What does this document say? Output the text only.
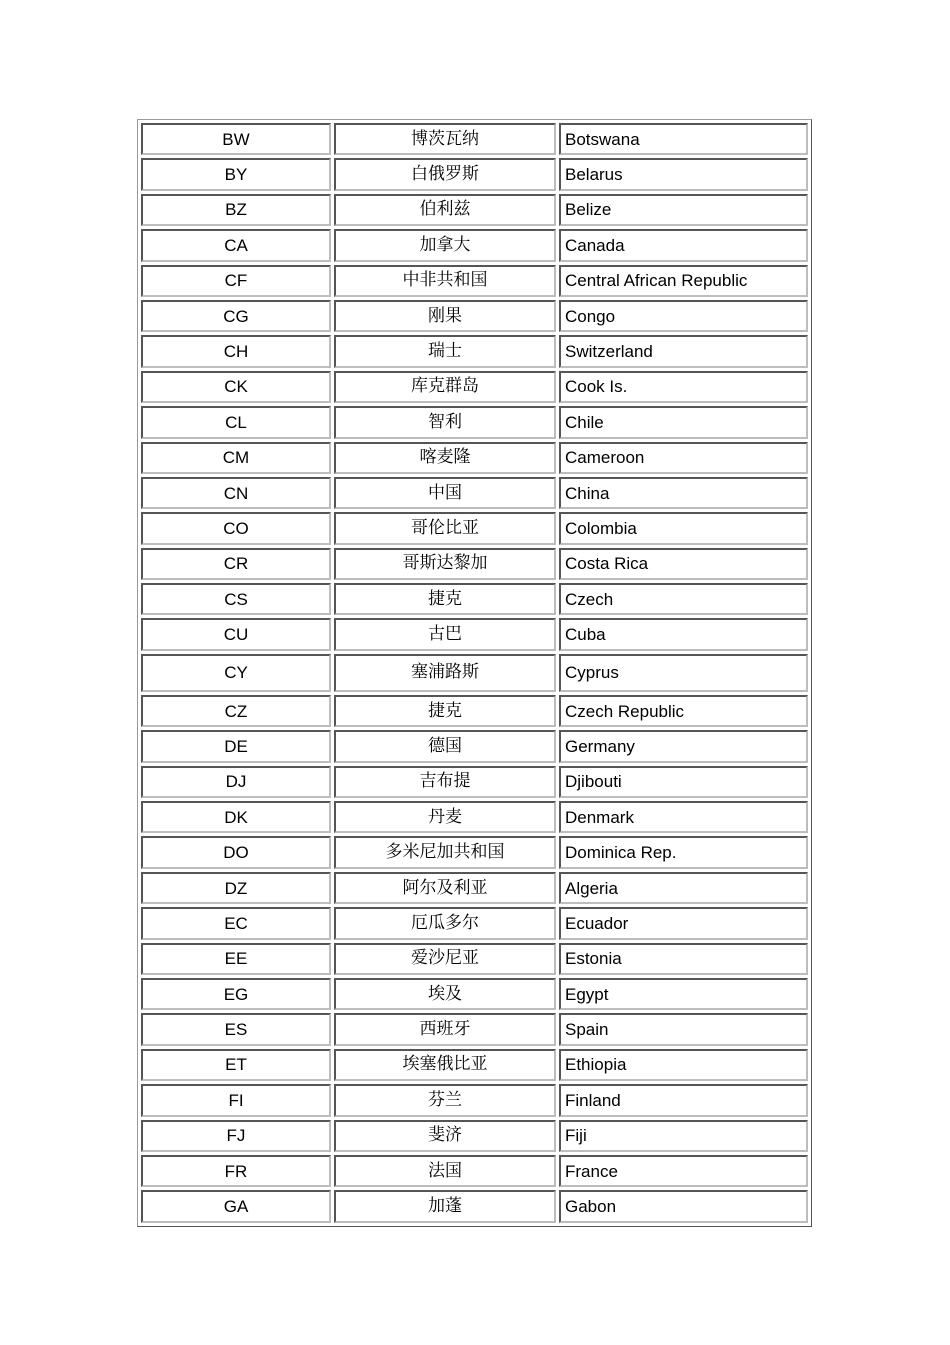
BW	博茨瓦纳	Botswana
BY	白俄罗斯	Belarus
BZ	伯利兹	Belize
CA	加拿大	Canada
CF	中非共和国	Central African Republic
CG	刚果	Congo
CH	瑞士	Switzerland
CK	库克群岛	Cook Is.
CL	智利	Chile
CM	喀麦隆	Cameroon
CN	中国	China
CO	哥伦比亚	Colombia
CR	哥斯达黎加	Costa Rica
CS	捷克	Czech
CU	古巴	Cuba
CY	塞浦路斯	Cyprus
CZ	捷克	Czech Republic
DE	德国	Germany
DJ	吉布提	Djibouti
DK	丹麦	Denmark
DO	多米尼加共和国	Dominica Rep.
DZ	阿尔及利亚	Algeria
EC	厄瓜多尔	Ecuador
EE	爱沙尼亚	Estonia
EG	埃及	Egypt
ES	西班牙	Spain
ET	埃塞俄比亚	Ethiopia
FI	芬兰	Finland
FJ	斐济	Fiji
FR	法国	France
GA	加蓬	Gabon
